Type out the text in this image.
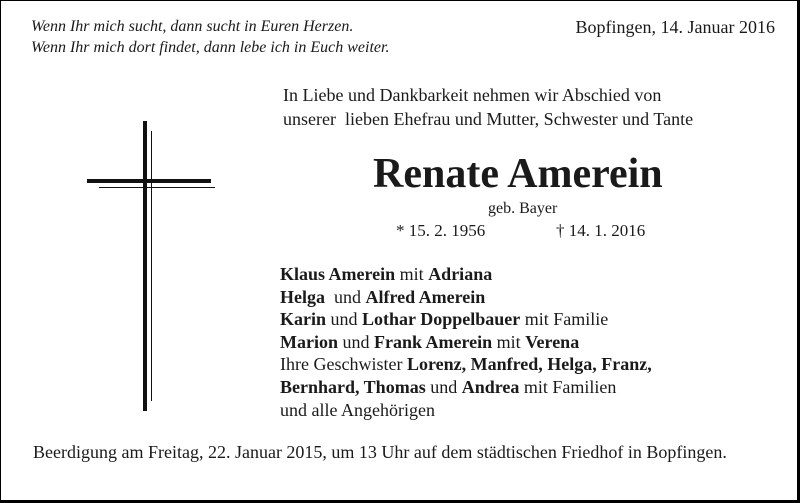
Wenn Ihr mich sucht, dann sucht in Euren Herzen.
Wenn Ihr mich dort findet, dann lebe ich in Euch weiter.
Bopfingen, 14. Januar 2016
In Liebe und Dankbarkeit nehmen wir Abschied von
unserer  lieben Ehefrau und Mutter, Schwester und Tante
Renate Amerein
geb. Bayer
* 15. 2. 1956	† 14. 1. 2016
Klaus Amerein mit Adriana
Helga  und Alfred Amerein
Karin und Lothar Doppelbauer mit Familie
Marion und Frank Amerein mit Verena
Ihre Geschwister Lorenz, Manfred, Helga, Franz,
Bernhard, Thomas und Andrea mit Familien
und alle Angehörigen
Beerdigung am Freitag, 22. Januar 2015, um 13 Uhr auf dem städtischen Friedhof in Bopfingen.
